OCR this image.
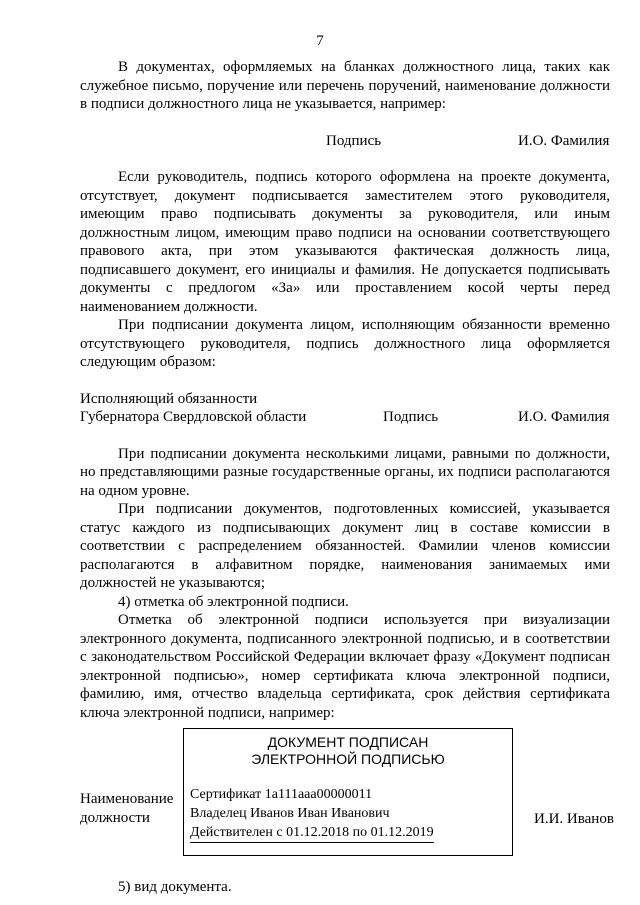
7

В документах, оформляемых на бланках должностного лица, таких как служебное письмо, поручение или перечень поручений, наименование должности в подписи должностного лица не указывается, например:

Подпись	И.О. Фамилия

Если руководитель, подпись которого оформлена на проекте документа, отсутствует, документ подписывается заместителем этого руководителя, имеющим право подписывать документы за руководителя, или иным должностным лицом, имеющим право подписи на основании соответствующего правового акта, при этом указываются фактическая должность лица, подписавшего документ, его инициалы и фамилия. Не допускается подписывать документы с предлогом «За» или проставлением косой черты перед наименованием должности.

При подписании документа лицом, исполняющим обязанности временно отсутствующего руководителя, подпись должностного лица оформляется следующим образом:

Исполняющий обязанности
Губернатора Свердловской области	Подпись	И.О. Фамилия

При подписании документа несколькими лицами, равными по должности, но представляющими разные государственные органы, их подписи располагаются на одном уровне.

При подписании документов, подготовленных комиссией, указывается статус каждого из подписывающих документ лиц в составе комиссии в соответствии с распределением обязанностей. Фамилии членов комиссии располагаются в алфавитном порядке, наименования занимаемых ими должностей не указываются;

4) отметка об электронной подписи.

Отметка об электронной подписи используется при визуализации электронного документа, подписанного электронной подписью, и в соответствии с законодательством Российской Федерации включает фразу «Документ подписан электронной подписью», номер сертификата ключа электронной подписи, фамилию, имя, отчество владельца сертификата, срок действия сертификата ключа электронной подписи, например:

Наименование
должности
ДОКУМЕНТ ПОДПИСАН
ЭЛЕКТРОННОЙ ПОДПИСЬЮ
Сертификат 1a111aaa00000011
Владелец Иванов Иван Иванович
Действителен с 01.12.2018 по 01.12.2019
И.И. Иванов

5) вид документа.
